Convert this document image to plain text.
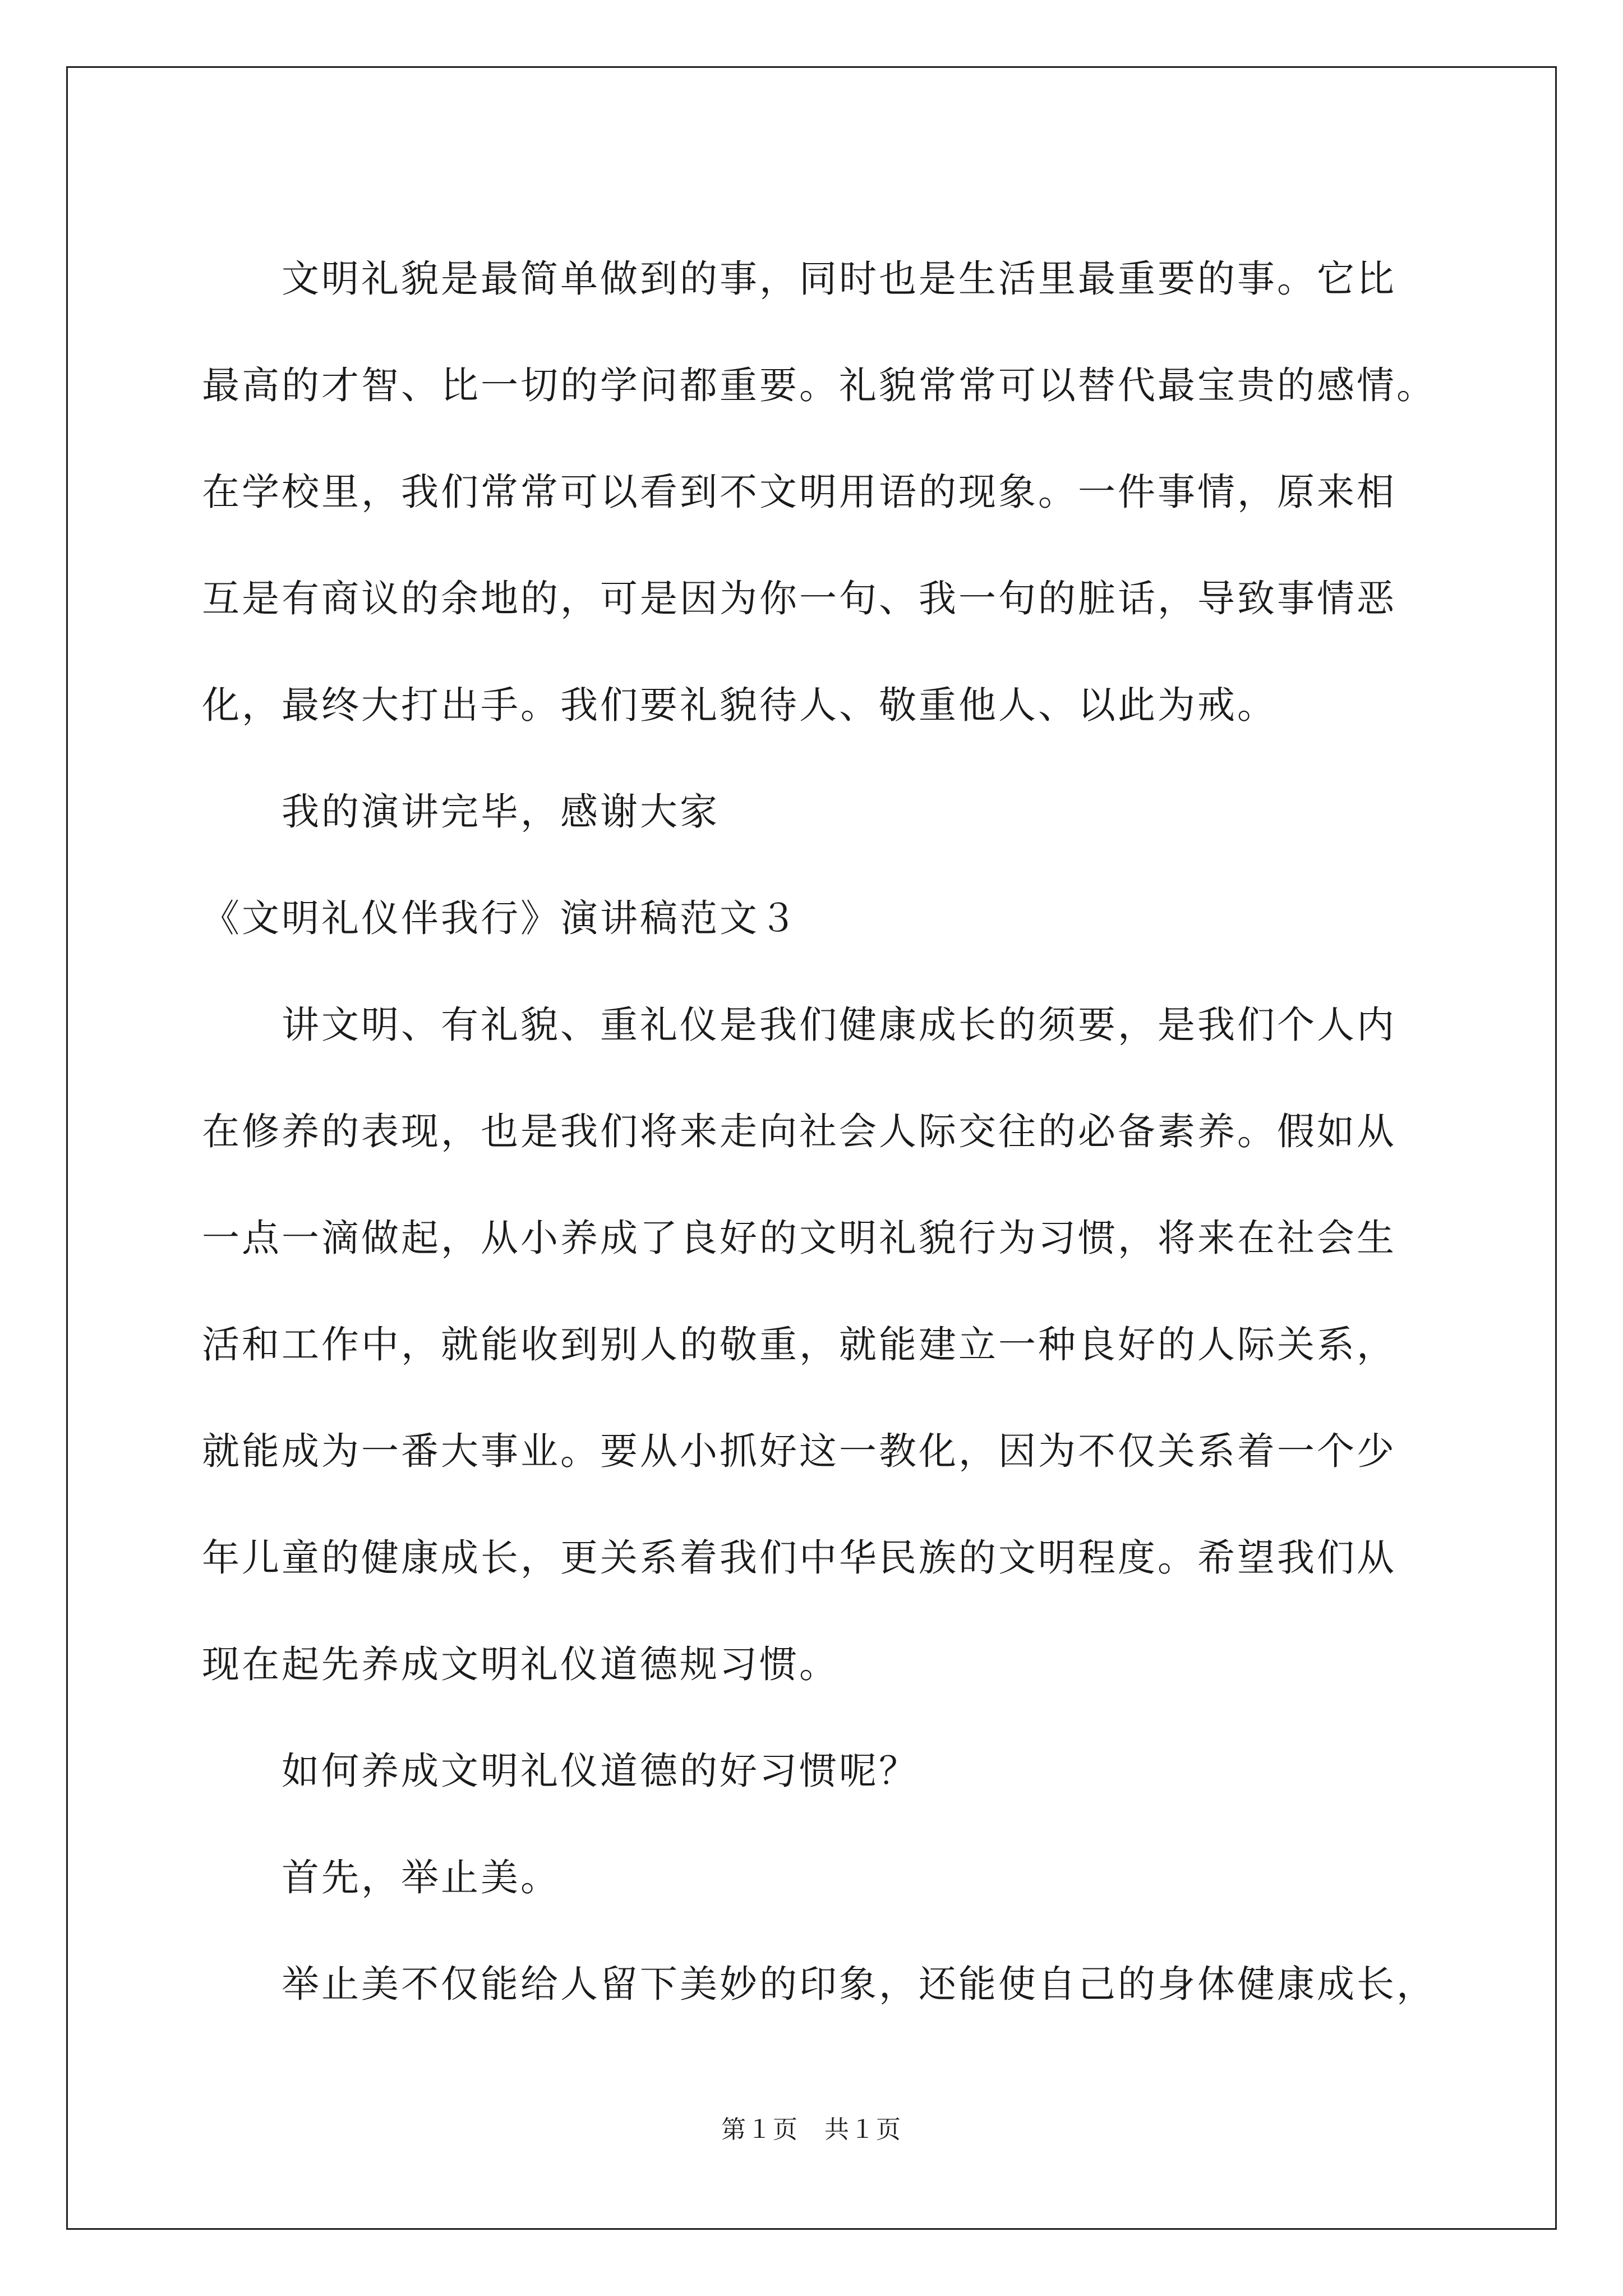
文明礼貌是最简单做到的事，同时也是生活里最重要的事。它比

最高的才智、比一切的学问都重要。礼貌常常可以替代最宝贵的感情。

在学校里，我们常常可以看到不文明用语的现象。一件事情，原来相

互是有商议的余地的，可是因为你一句、我一句的脏话，导致事情恶

化，最终大打出手。我们要礼貌待人、敬重他人、以此为戒。

我的演讲完毕，感谢大家

《文明礼仪伴我行》演讲稿范文３

讲文明、有礼貌、重礼仪是我们健康成长的须要，是我们个人内

在修养的表现，也是我们将来走向社会人际交往的必备素养。假如从

一点一滴做起，从小养成了良好的文明礼貌行为习惯，将来在社会生

活和工作中，就能收到别人的敬重，就能建立一种良好的人际关系，

就能成为一番大事业。要从小抓好这一教化，因为不仅关系着一个少

年儿童的健康成长，更关系着我们中华民族的文明程度。希望我们从

现在起先养成文明礼仪道德规习惯。

如何养成文明礼仪道德的好习惯呢？

首先，举止美。

举止美不仅能给人留下美妙的印象，还能使自己的身体健康成长，

第１页　共１页
